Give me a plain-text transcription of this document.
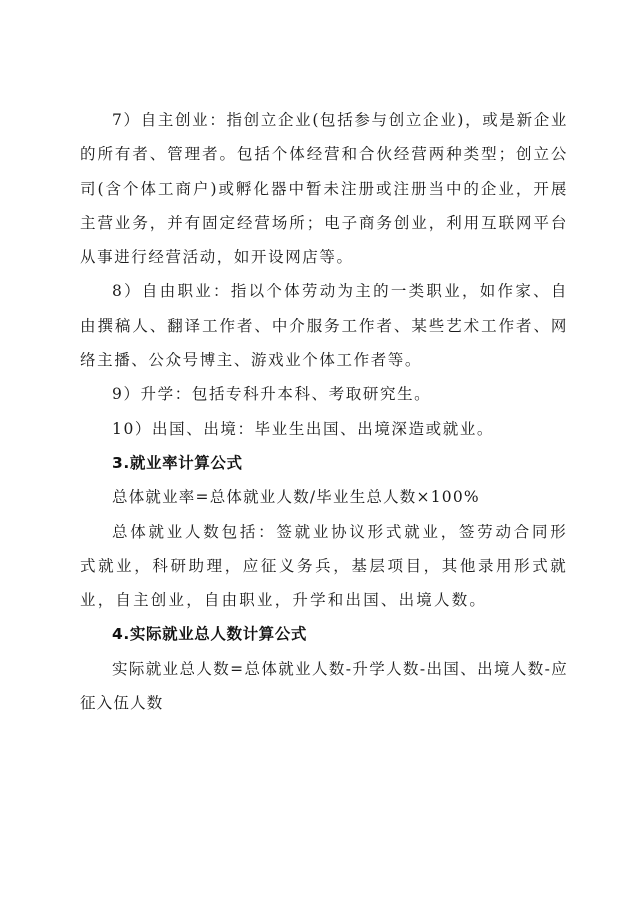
7）自主创业：指创立企业(包括参与创立企业)，或是新企业的所有者、管理者。包括个体经营和合伙经营两种类型；创立公司(含个体工商户)或孵化器中暂未注册或注册当中的企业，开展主营业务，并有固定经营场所；电子商务创业，利用互联网平台从事进行经营活动，如开设网店等。

8）自由职业：指以个体劳动为主的一类职业，如作家、自由撰稿人、翻译工作者、中介服务工作者、某些艺术工作者、网络主播、公众号博主、游戏业个体工作者等。

9）升学：包括专科升本科、考取研究生。

10）出国、出境：毕业生出国、出境深造或就业。

3.就业率计算公式

总体就业率=总体就业人数/毕业生总人数×100%

总体就业人数包括：签就业协议形式就业，签劳动合同形式就业，科研助理，应征义务兵，基层项目，其他录用形式就业，自主创业，自由职业，升学和出国、出境人数。

4.实际就业总人数计算公式

实际就业总人数=总体就业人数-升学人数-出国、出境人数-应征入伍人数
